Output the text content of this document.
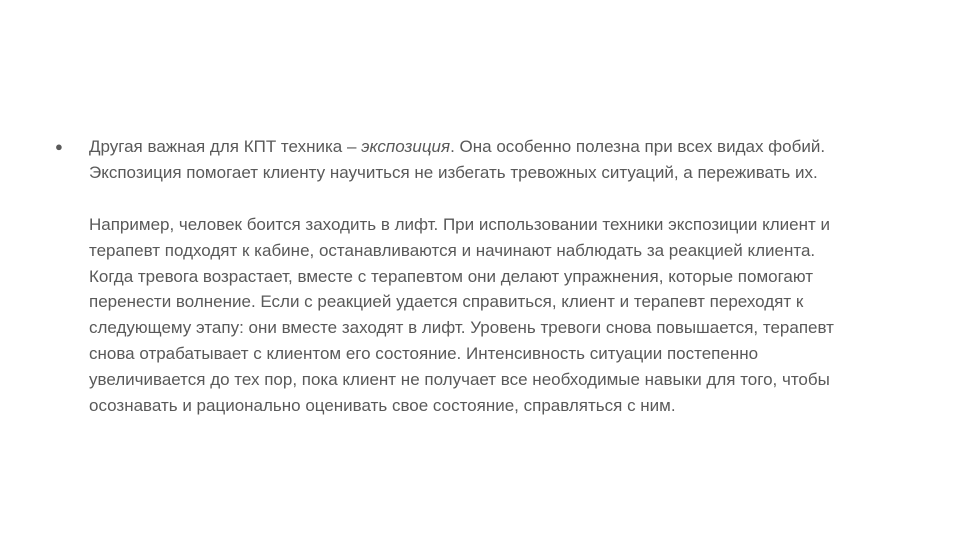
●	Другая важная для КПТ техника – экспозиция. Она особенно полезна при всех видах фобий.
Экспозиция помогает клиенту научиться не избегать тревожных ситуаций, а переживать их.

Например, человек боится заходить в лифт. При использовании техники экспозиции клиент и
терапевт подходят к кабине, останавливаются и начинают наблюдать за реакцией клиента.
Когда тревога возрастает, вместе с терапевтом они делают упражнения, которые помогают
перенести волнение. Если с реакцией удается справиться, клиент и терапевт переходят к
следующему этапу: они вместе заходят в лифт. Уровень тревоги снова повышается, терапевт
снова отрабатывает с клиентом его состояние. Интенсивность ситуации постепенно
увеличивается до тех пор, пока клиент не получает все необходимые навыки для того, чтобы
осознавать и рационально оценивать свое состояние, справляться с ним.
